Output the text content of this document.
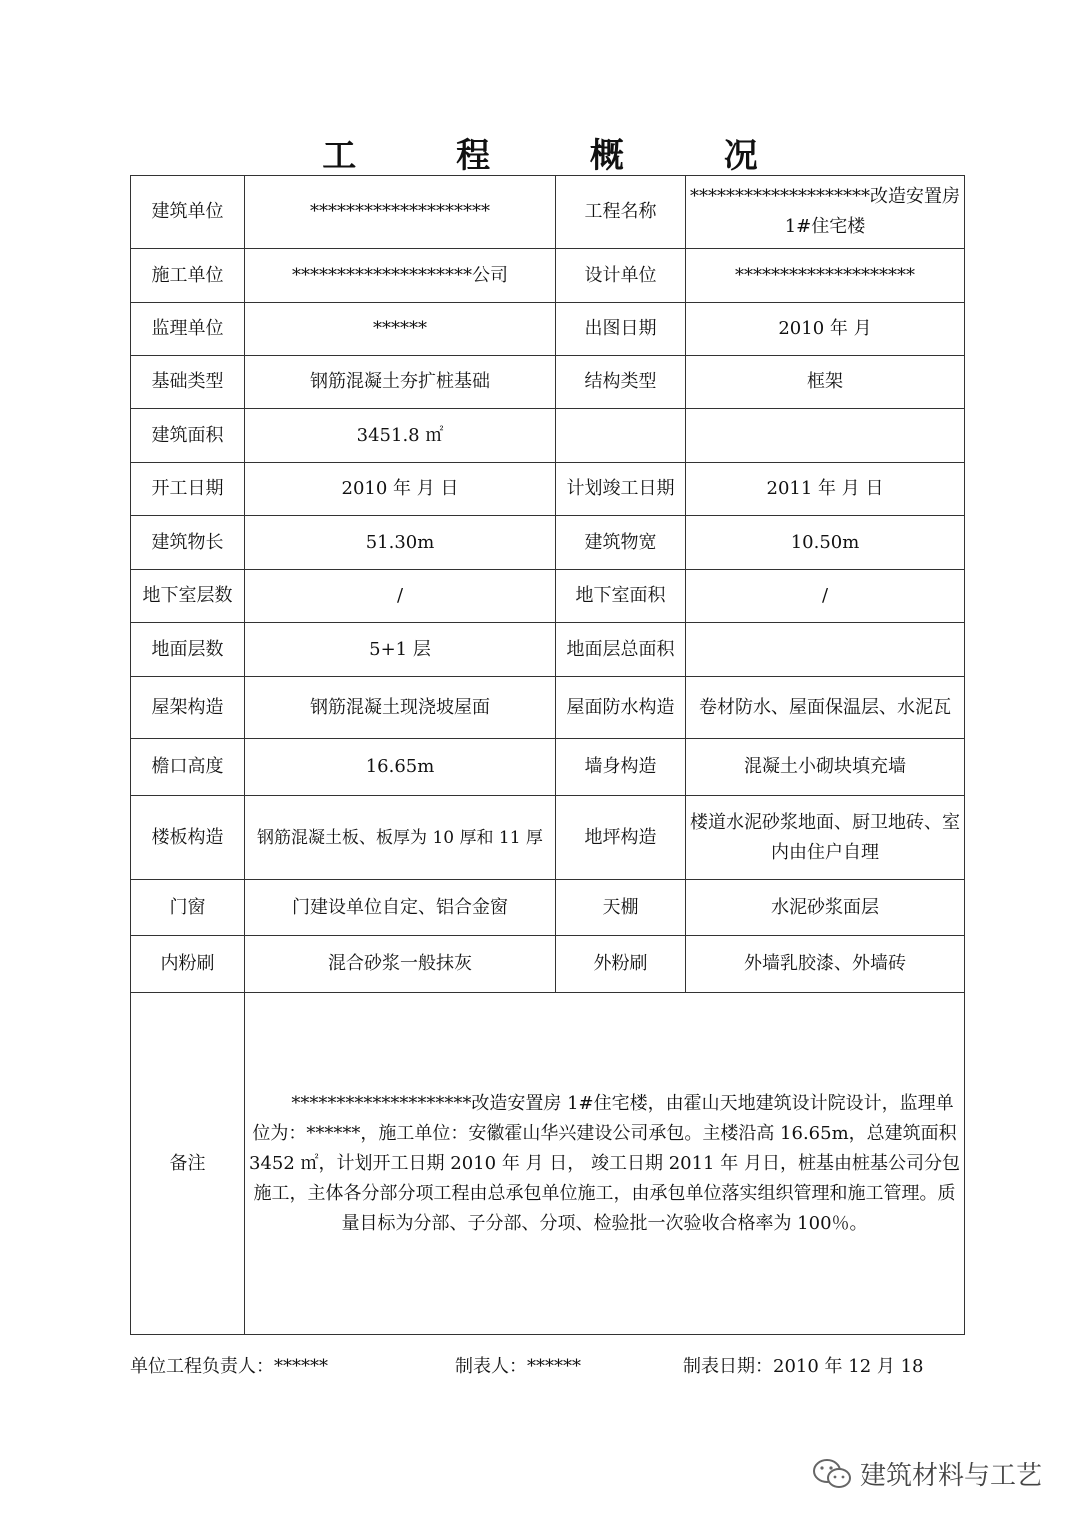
工 程 概 况
建筑单位	********************	工程名称	********************改造安置房 1#住宅楼
施工单位	********************公司	设计单位	********************
监理单位	******	出图日期	2010 年 月
基础类型	钢筋混凝土夯扩桩基础	结构类型	框架
建筑面积	3451.8 ㎡		
开工日期	2010 年 月 日	计划竣工日期	2011 年 月 日
建筑物长	51.30m	建筑物宽	10.50m
地下室层数	/	地下室面积	/
地面层数	5+1 层	地面层总面积	
屋架构造	钢筋混凝土现浇坡屋面	屋面防水构造	卷材防水、屋面保温层、水泥瓦
檐口高度	16.65m	墙身构造	混凝土小砌块填充墙
楼板构造	钢筋混凝土板、板厚为 10 厚和 11 厚	地坪构造	楼道水泥砂浆地面、厨卫地砖、室内由住户自理
门窗	门建设单位自定、铝合金窗	天棚	水泥砂浆面层
内粉刷	混合砂浆一般抹灰	外粉刷	外墙乳胶漆、外墙砖
备注	********************改造安置房 1#住宅楼，由霍山天地建筑设计院设计，监理单位为：******，施工单位：安徽霍山华兴建设公司承包。主楼沿高 16.65m，总建筑面积 3452 ㎡，计划开工日期 2010 年 月 日， 竣工日期 2011 年 月日，桩基由桩基公司分包施工，主体各分部分项工程由总承包单位施工，由承包单位落实组织管理和施工管理。质量目标为分部、子分部、分项、检验批一次验收合格率为 100％。		

单位工程负责人：******	制表人：******	制表日期：2010 年 12 月 18
建筑材料与工艺
